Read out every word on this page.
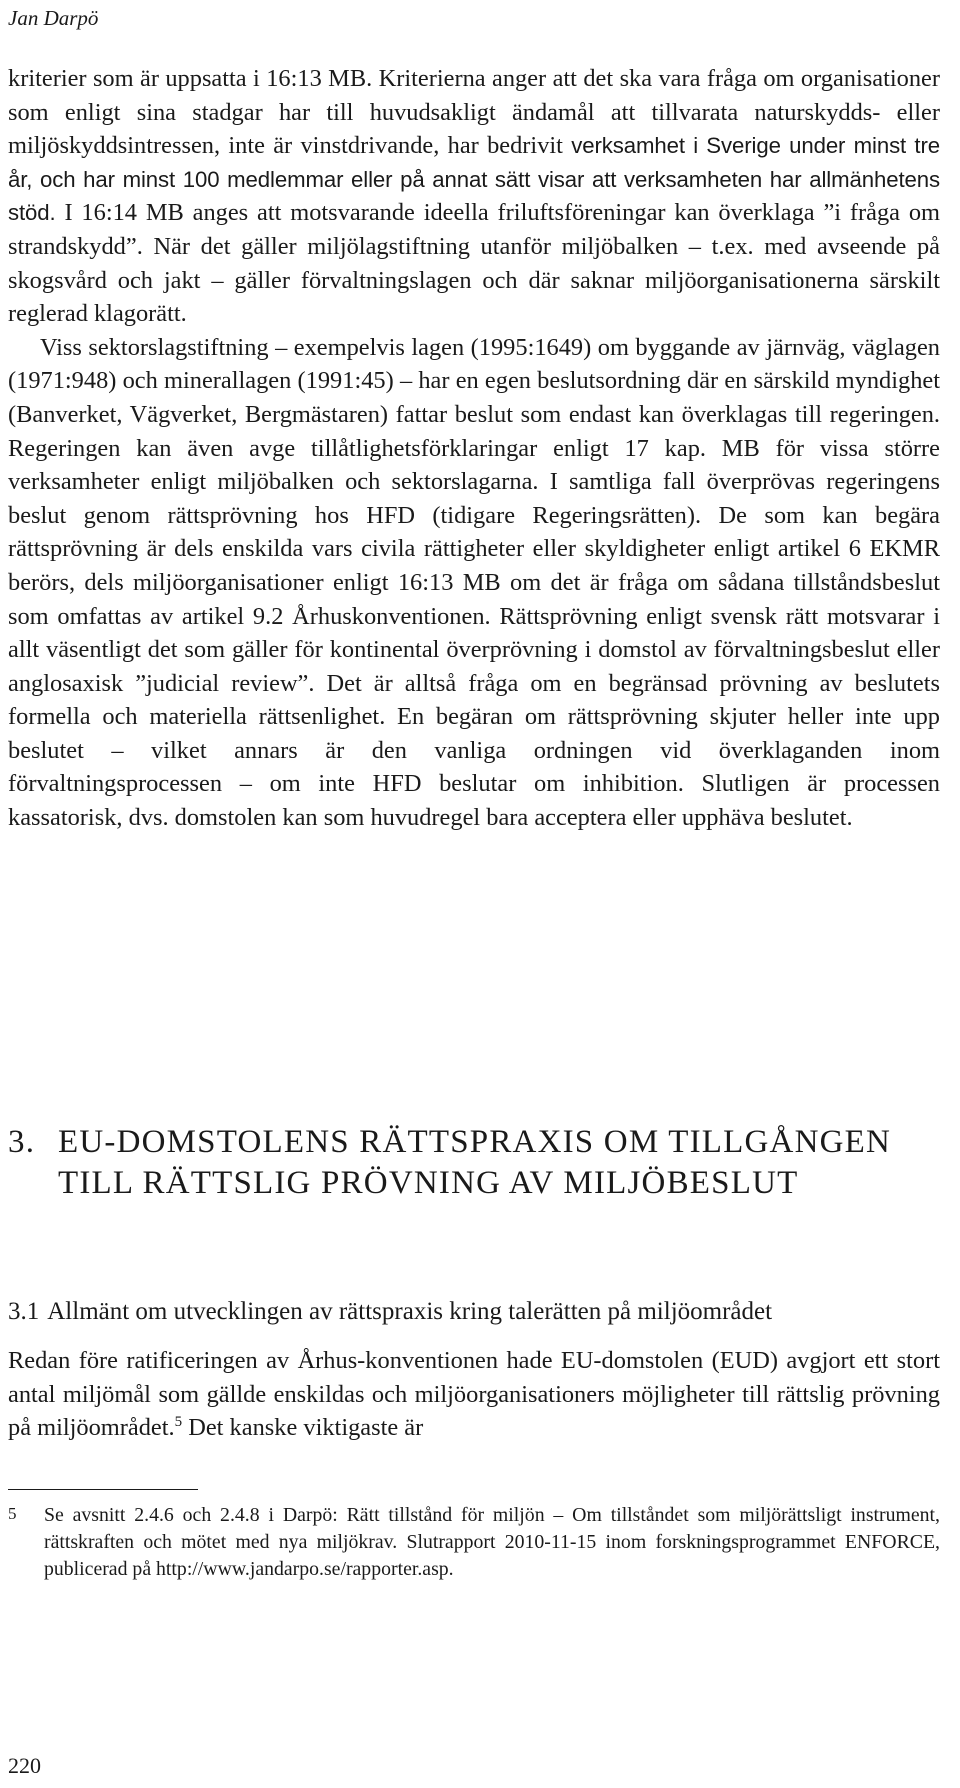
Jan Darpö

kriterier som är uppsatta i 16:13 MB. Kriterierna anger att det ska vara fråga om organisationer som enligt sina stadgar har till huvudsakligt ändamål att tillvarata naturskydds- eller miljöskyddsintressen, inte är vinstdrivande, har bedrivit verksamhet i Sverige under minst tre år, och har minst 100 medlemmar eller på annat sätt visar att verksamheten har allmänhetens stöd. I 16:14 MB anges att motsvarande ideella friluftsföreningar kan överklaga ”i fråga om strandskydd”. När det gäller miljölagstiftning utanför miljöbalken – t.ex. med avseende på skogsvård och jakt – gäller förvaltningslagen och där saknar miljöorganisationerna särskilt reglerad klagorätt.

Viss sektorslagstiftning – exempelvis lagen (1995:1649) om byggande av järnväg, väglagen (1971:948) och minerallagen (1991:45) – har en egen beslutsordning där en särskild myndighet (Banverket, Vägverket, Bergmästaren) fattar beslut som endast kan överklagas till regeringen. Regeringen kan även avge tillåtlighetsförklaringar enligt 17 kap. MB för vissa större verksamheter enligt miljöbalken och sektorslagarna. I samtliga fall överprövas regeringens beslut genom rättsprövning hos HFD (tidigare Regeringsrätten). De som kan begära rättsprövning är dels enskilda vars civila rättigheter eller skyldigheter enligt artikel 6 EKMR berörs, dels miljöorganisationer enligt 16:13 MB om det är fråga om sådana tillståndsbeslut som omfattas av artikel 9.2 Århuskonventionen. Rättsprövning enligt svensk rätt motsvarar i allt väsentligt det som gäller för kontinental överprövning i domstol av förvaltningsbeslut eller anglosaxisk ”judicial review”. Det är alltså fråga om en begränsad prövning av beslutets formella och materiella rättsenlighet. En begäran om rättsprövning skjuter heller inte upp beslutet – vilket annars är den vanliga ordningen vid överklaganden inom förvaltningsprocessen – om inte HFD beslutar om inhibition. Slutligen är processen kassatorisk, dvs. domstolen kan som huvudregel bara acceptera eller upphäva beslutet.

3. EU-DOMSTOLENS RÄTTSPRAXIS OM TILLGÅNGEN TILL RÄTTSLIG PRÖVNING AV MILJÖBESLUT
3.1 Allmänt om utvecklingen av rättspraxis kring talerätten på miljöområdet

Redan före ratificeringen av Århus-konventionen hade EU-domstolen (EUD) avgjort ett stort antal miljömål som gällde enskildas och miljöorganisationers möjligheter till rättslig prövning på miljöområdet.$^5$ Det kanske viktigaste är

5	Se avsnitt 2.4.6 och 2.4.8 i Darpö: Rätt tillstånd för miljön – Om tillståndet som miljörättsligt instrument, rättskraften och mötet med nya miljökrav. Slutrapport 2010-11-15 inom forskningsprogrammet ENFORCE, publicerad på http://www.jandarpo.se/rapporter.asp.
220
